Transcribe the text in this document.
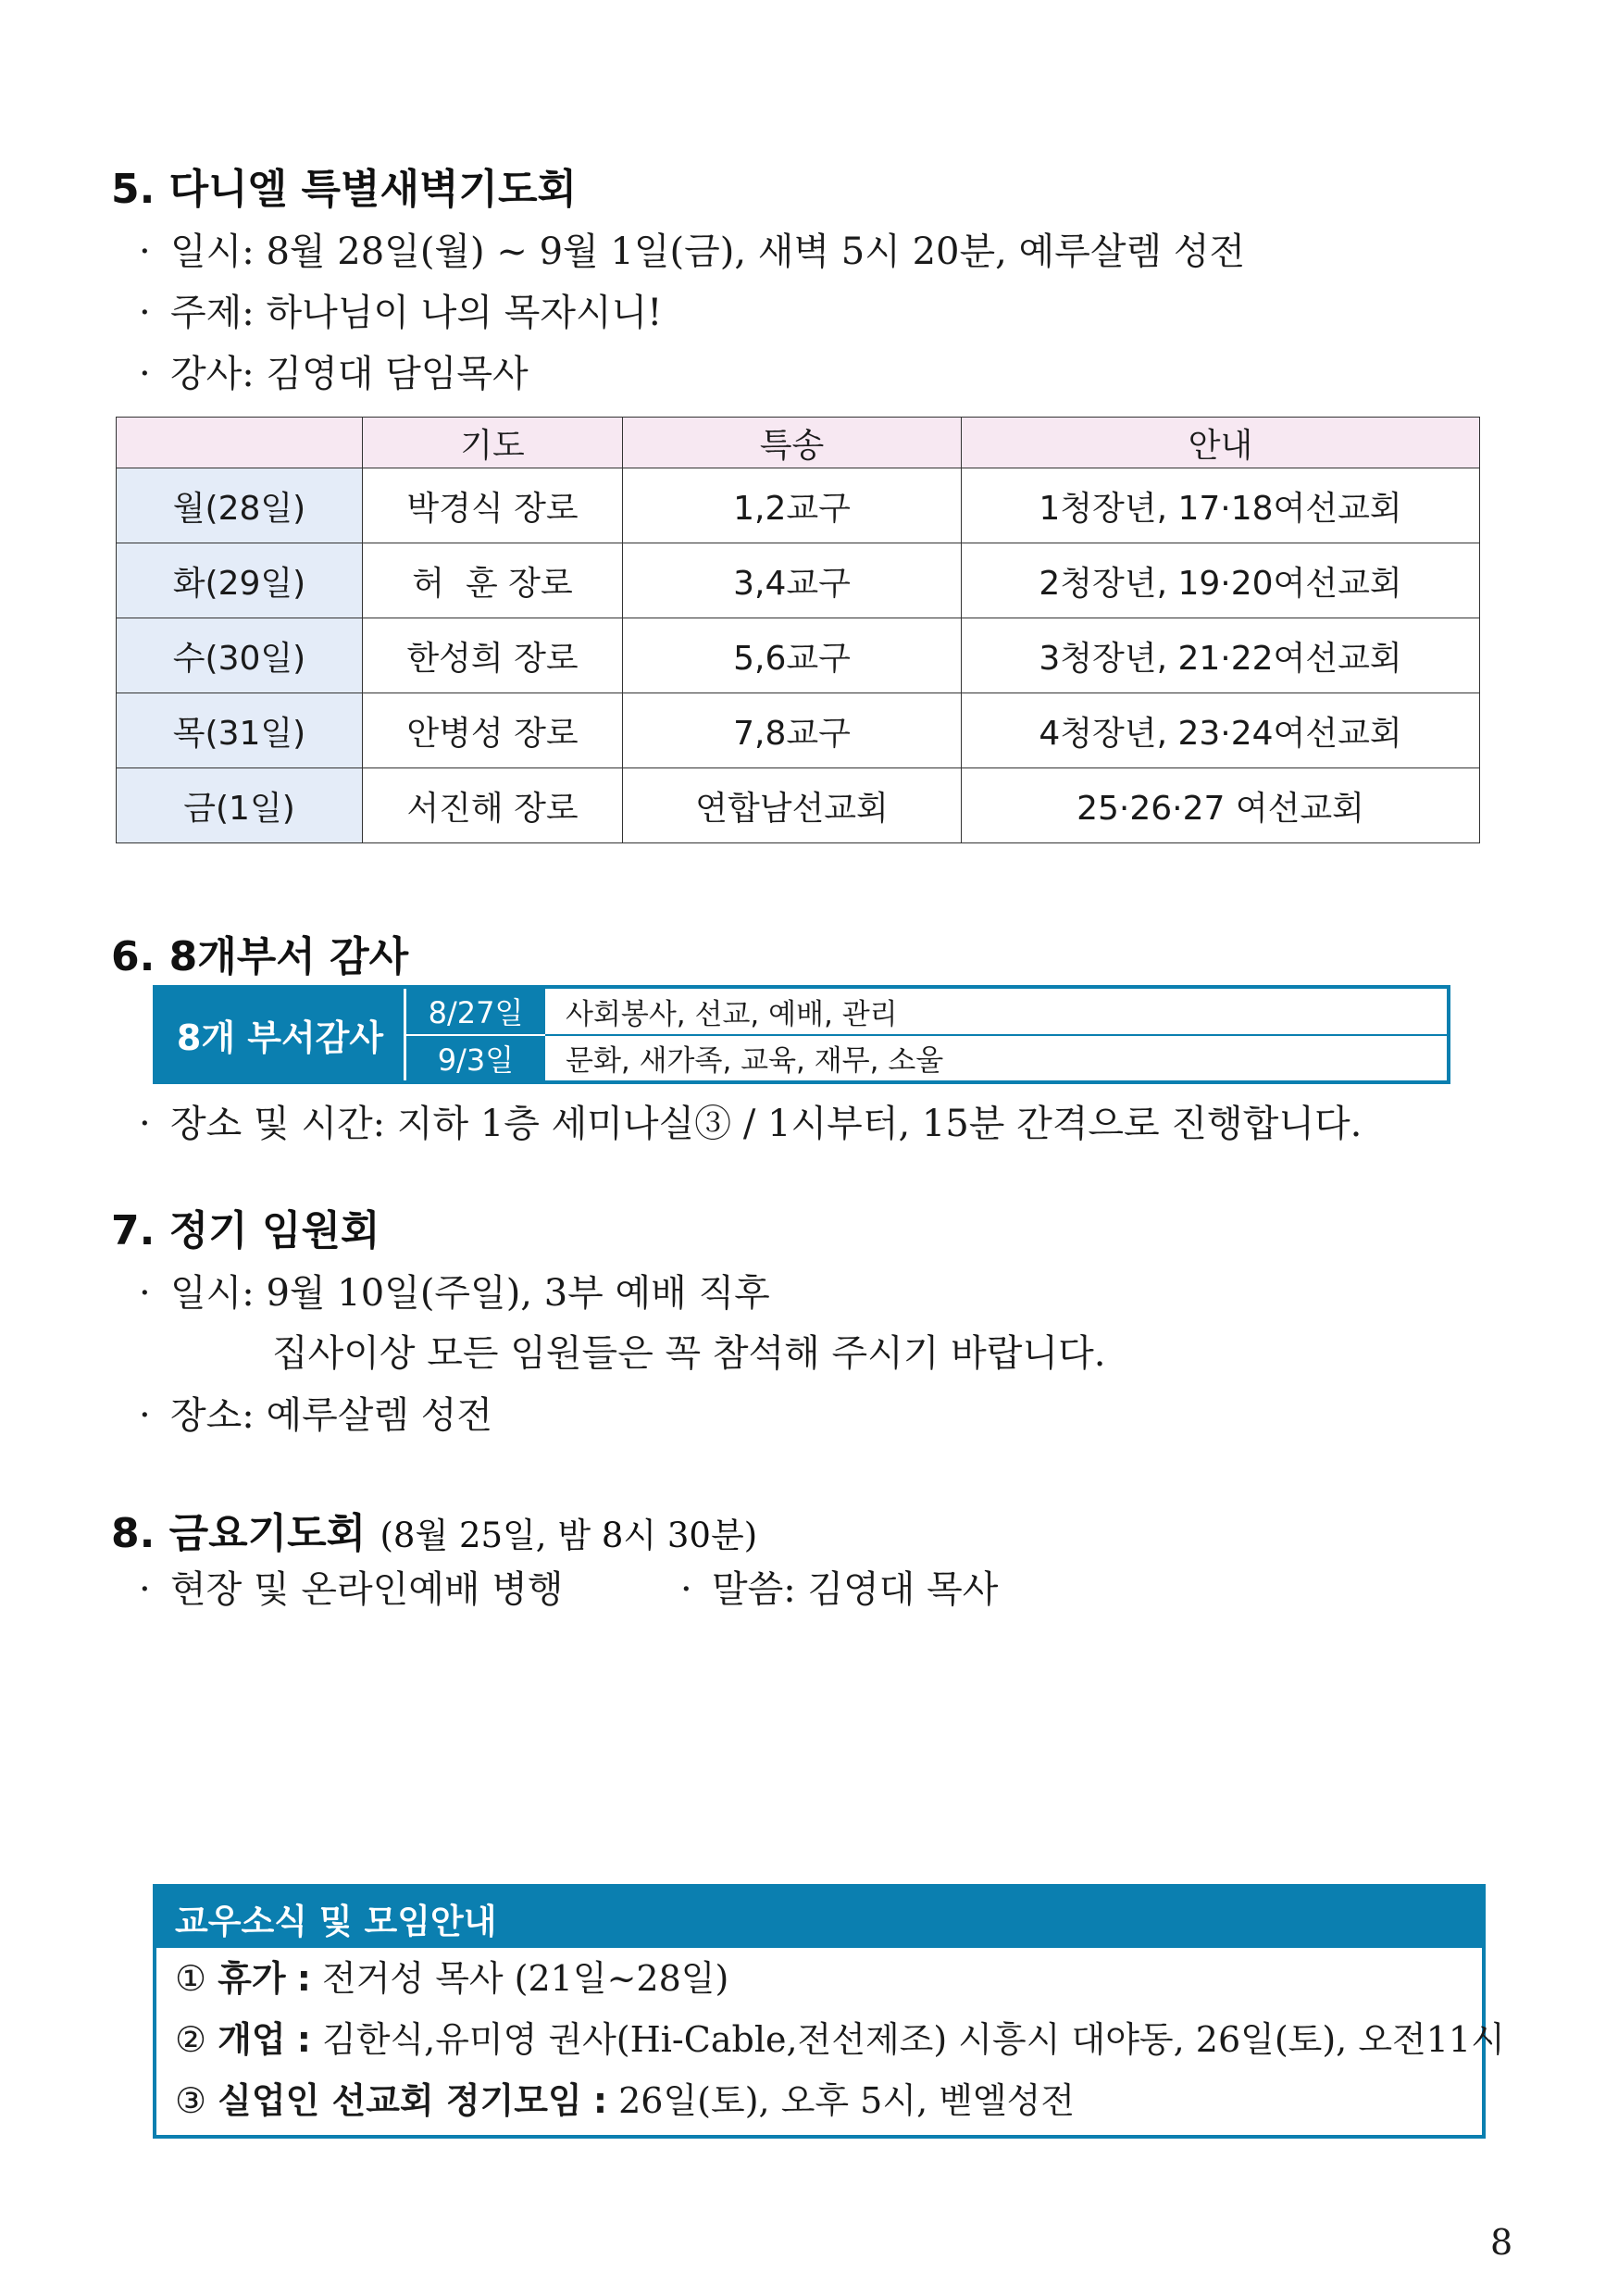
5. 다니엘 특별새벽기도회
· 일시: 8월 28일(월) ~ 9월 1일(금), 새벽 5시 20분, 예루살렘 성전
· 주제: 하나님이 나의 목자시니!
· 강사: 김영대 담임목사
	기도	특송	안내
월(28일)	박경식 장로	1,2교구	1청장년, 17·18여선교회
화(29일)	허  훈 장로	3,4교구	2청장년, 19·20여선교회
수(30일)	한성희 장로	5,6교구	3청장년, 21·22여선교회
목(31일)	안병성 장로	7,8교구	4청장년, 23·24여선교회
금(1일)	서진해 장로	연합남선교회	25·26·27 여선교회
6. 8개부서 감사
8개 부서감사
8/27일	사회봉사, 선교, 예배, 관리
9/3일	문화, 새가족, 교육, 재무, 소울
· 장소 및 시간: 지하 1층 세미나실③ / 1시부터, 15분 간격으로 진행합니다.
7. 정기 임원회
· 일시: 9월 10일(주일), 3부 예배 직후
집사이상 모든 임원들은 꼭 참석해 주시기 바랍니다.
· 장소: 예루살렘 성전
8. 금요기도회 (8월 25일, 밤 8시 30분)
· 현장 및 온라인예배 병행	· 말씀: 김영대 목사
교우소식 및 모임안내
① 휴가 : 전거성 목사 (21일~28일)
② 개업 : 김한식,유미영 권사(Hi-Cable,전선제조) 시흥시 대야동, 26일(토), 오전11시
③ 실업인 선교회 정기모임 : 26일(토), 오후 5시, 벧엘성전
8
